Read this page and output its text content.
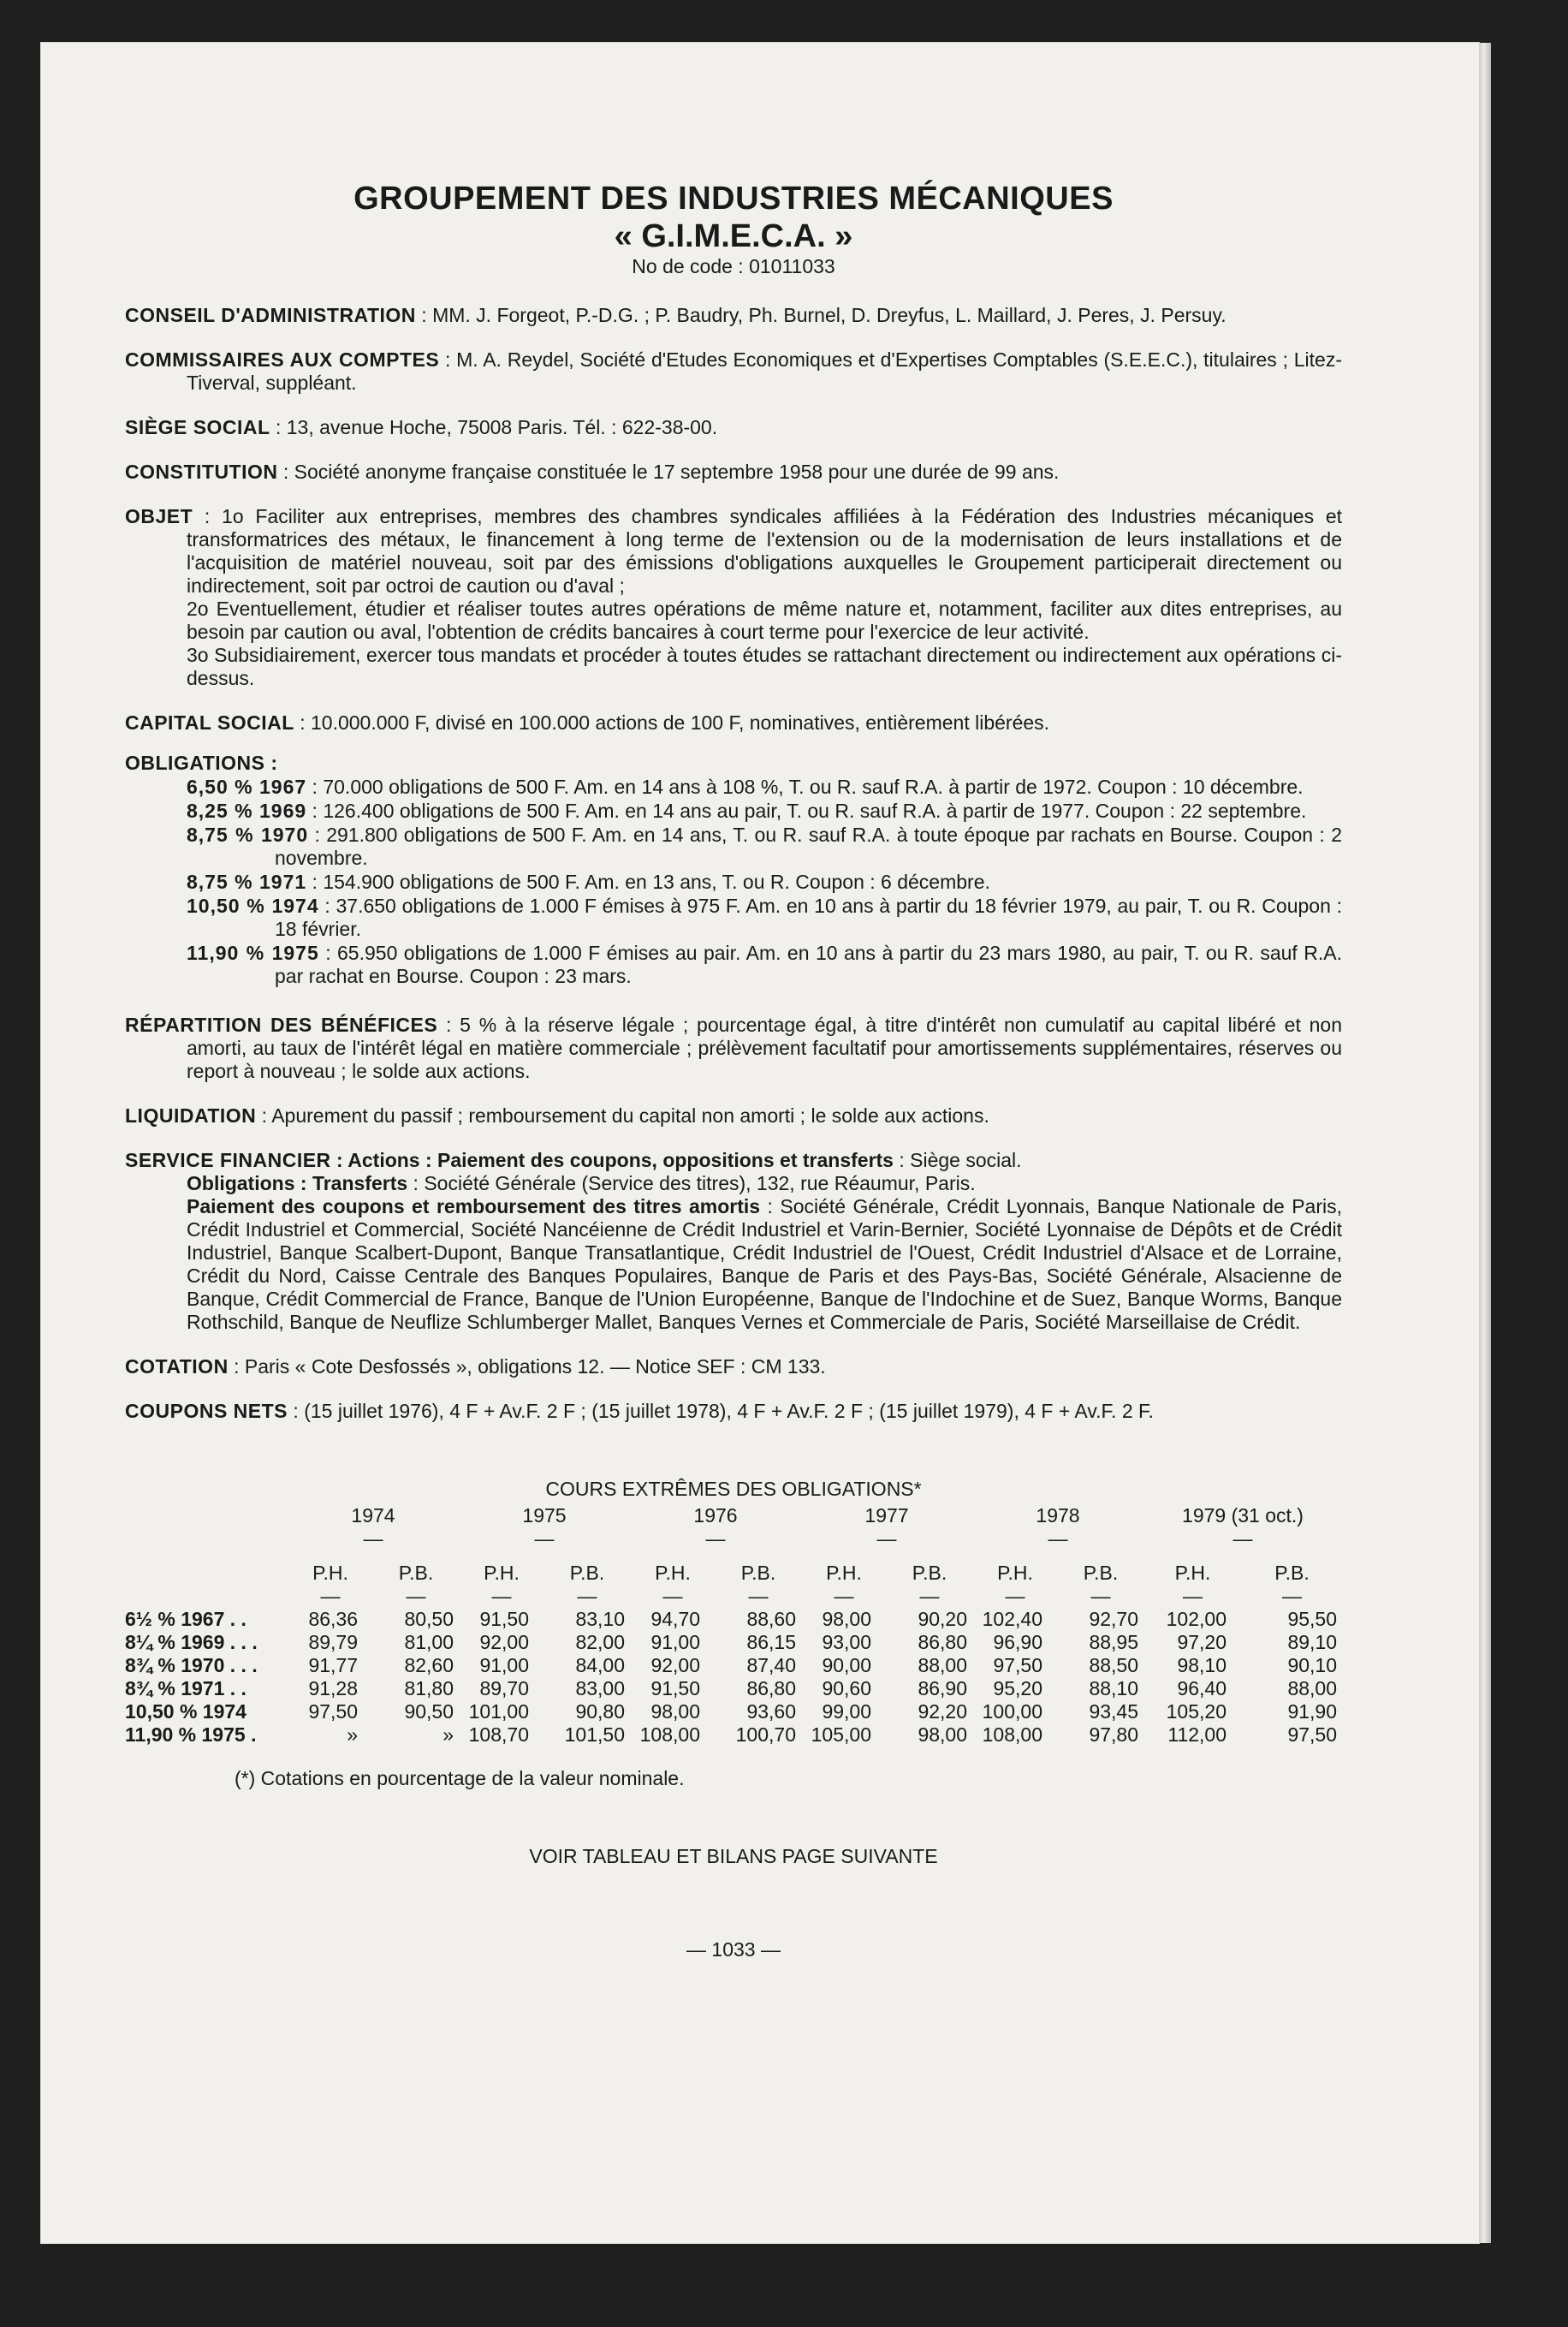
GROUPEMENT DES INDUSTRIES MÉCANIQUES
« G.I.M.E.C.A. »
No de code : 01011033
CONSEIL D'ADMINISTRATION : MM. J. Forgeot, P.-D.G. ; P. Baudry, Ph. Burnel, D. Dreyfus, L. Maillard, J. Peres, J. Persuy.
COMMISSAIRES AUX COMPTES : M. A. Reydel, Société d'Etudes Economiques et d'Expertises Comptables (S.E.E.C.), titulaires ; Litez-Tiverval, suppléant.
SIÈGE SOCIAL : 13, avenue Hoche, 75008 Paris. Tél. : 622-38-00.
CONSTITUTION : Société anonyme française constituée le 17 septembre 1958 pour une durée de 99 ans.
OBJET : 1o Faciliter aux entreprises, membres des chambres syndicales affiliées à la Fédération des Industries mécaniques et transformatrices des métaux, le financement à long terme de l'extension ou de la modernisation de leurs installations et de l'acquisition de matériel nouveau, soit par des émissions d'obligations auxquelles le Groupement participerait directement ou indirectement, soit par octroi de caution ou d'aval ;
2o Eventuellement, étudier et réaliser toutes autres opérations de même nature et, notamment, faciliter aux dites entreprises, au besoin par caution ou aval, l'obtention de crédits bancaires à court terme pour l'exercice de leur activité.
3o Subsidiairement, exercer tous mandats et procéder à toutes études se rattachant directement ou indirectement aux opérations ci-dessus.
CAPITAL SOCIAL : 10.000.000 F, divisé en 100.000 actions de 100 F, nominatives, entièrement libérées.
OBLIGATIONS :
6,50 % 1967 : 70.000 obligations de 500 F. Am. en 14 ans à 108 %, T. ou R. sauf R.A. à partir de 1972. Coupon : 10 décembre.
8,25 % 1969 : 126.400 obligations de 500 F. Am. en 14 ans au pair, T. ou R. sauf R.A. à partir de 1977. Coupon : 22 septembre.
8,75 % 1970 : 291.800 obligations de 500 F. Am. en 14 ans, T. ou R. sauf R.A. à toute époque par rachats en Bourse. Coupon : 2 novembre.
8,75 % 1971 : 154.900 obligations de 500 F. Am. en 13 ans, T. ou R. Coupon : 6 décembre.
10,50 % 1974 : 37.650 obligations de 1.000 F émises à 975 F. Am. en 10 ans à partir du 18 février 1979, au pair, T. ou R. Coupon : 18 février.
11,90 % 1975 : 65.950 obligations de 1.000 F émises au pair. Am. en 10 ans à partir du 23 mars 1980, au pair, T. ou R. sauf R.A. par rachat en Bourse. Coupon : 23 mars.
RÉPARTITION DES BÉNÉFICES : 5 % à la réserve légale ; pourcentage égal, à titre d'intérêt non cumulatif au capital libéré et non amorti, au taux de l'intérêt légal en matière commerciale ; prélèvement facultatif pour amortissements supplémentaires, réserves ou report à nouveau ; le solde aux actions.
LIQUIDATION : Apurement du passif ; remboursement du capital non amorti ; le solde aux actions.
SERVICE FINANCIER : Actions : Paiement des coupons, oppositions et transferts : Siège social.
Obligations : Transferts : Société Générale (Service des titres), 132, rue Réaumur, Paris.
Paiement des coupons et remboursement des titres amortis : Société Générale, Crédit Lyonnais, Banque Nationale de Paris, Crédit Industriel et Commercial, Société Nancéienne de Crédit Industriel et Varin-Bernier, Société Lyonnaise de Dépôts et de Crédit Industriel, Banque Scalbert-Dupont, Banque Transatlantique, Crédit Industriel de l'Ouest, Crédit Industriel d'Alsace et de Lorraine, Crédit du Nord, Caisse Centrale des Banques Populaires, Banque de Paris et des Pays-Bas, Société Générale, Alsacienne de Banque, Crédit Commercial de France, Banque de l'Union Européenne, Banque de l'Indochine et de Suez, Banque Worms, Banque Rothschild, Banque de Neuflize Schlumberger Mallet, Banques Vernes et Commerciale de Paris, Société Marseillaise de Crédit.
COTATION : Paris « Cote Desfossés », obligations 12. — Notice SEF : CM 133.
COUPONS NETS : (15 juillet 1976), 4 F + Av.F. 2 F ; (15 juillet 1978), 4 F + Av.F. 2 F ; (15 juillet 1979), 4 F + Av.F. 2 F.
COURS EXTRÊMES DES OBLIGATIONS*
	1974		1975		1976		1977		1978		1979 (31 oct.)	
	—		—		—		—		—		—	
	P.H.	P.B.	P.H.	P.B.	P.H.	P.B.	P.H.	P.B.	P.H.	P.B.	P.H.	P.B.
	—	—	—	—	—	—	—	—	—	—	—	—
6½ % 1967 . .	86,36	80,50	91,50	83,10	94,70	88,60	98,00	90,20	102,40	92,70	102,00	95,50
8¼ % 1969 . . .	89,79	81,00	92,00	82,00	91,00	86,15	93,00	86,80	96,90	88,95	97,20	89,10
8¾ % 1970 . . .	91,77	82,60	91,00	84,00	92,00	87,40	90,00	88,00	97,50	88,50	98,10	90,10
8¾ % 1971 . .	91,28	81,80	89,70	83,00	91,50	86,80	90,60	86,90	95,20	88,10	96,40	88,00
10,50 % 1974	97,50	90,50	101,00	90,80	98,00	93,60	99,00	92,20	100,00	93,45	105,20	91,90
11,90 % 1975 .	»	»	108,70	101,50	108,00	100,70	105,00	98,00	108,00	97,80	112,00	97,50
(*) Cotations en pourcentage de la valeur nominale.
VOIR TABLEAU ET BILANS PAGE SUIVANTE
— 1033 —
